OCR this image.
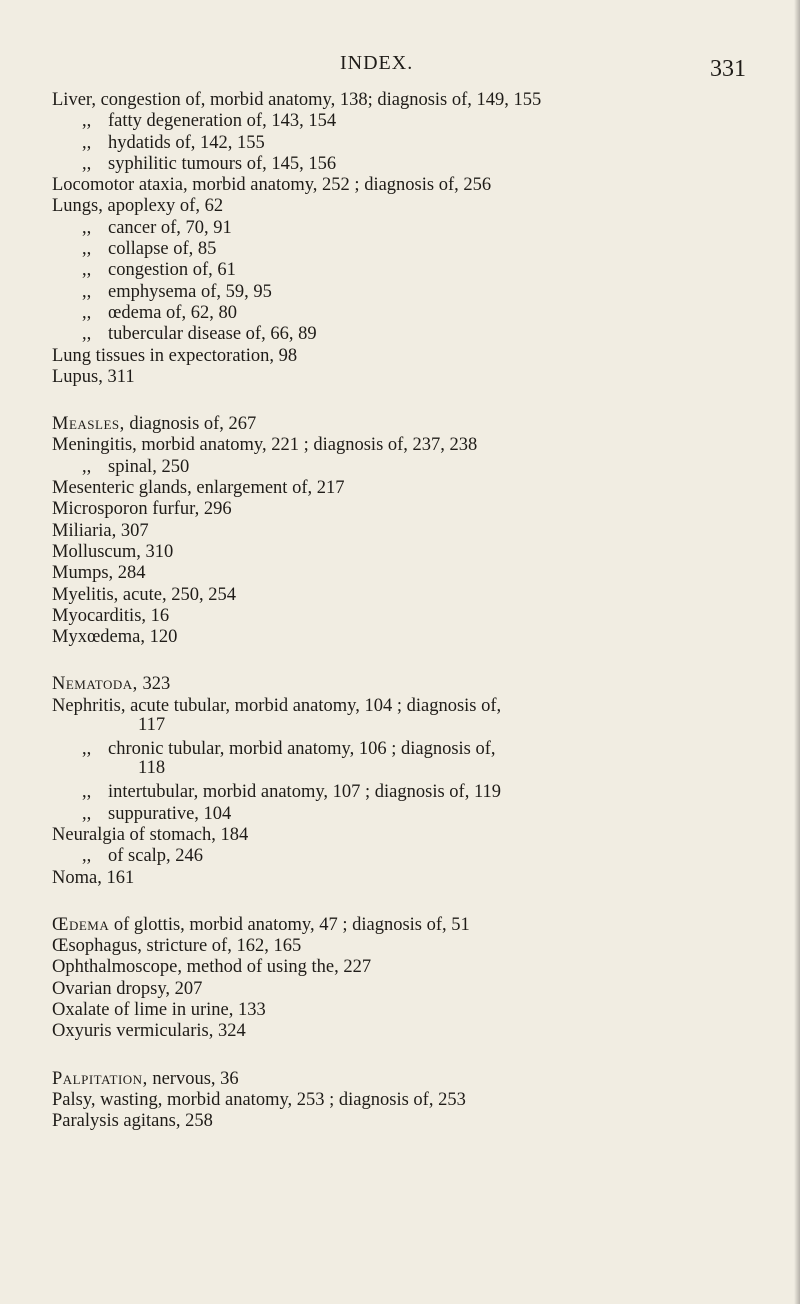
INDEX.	331

Liver, congestion of, morbid anatomy, 138; diagnosis of, 149, 155

,, fatty degeneration of, 143, 154

,, hydatids of, 142, 155

,, syphilitic tumours of, 145, 156

Locomotor ataxia, morbid anatomy, 252 ; diagnosis of, 256

Lungs, apoplexy of, 62

,, cancer of, 70, 91

,, collapse of, 85

,, congestion of, 61

,, emphysema of, 59, 95

,, œdema of, 62, 80

,, tubercular disease of, 66, 89

Lung tissues in expectoration, 98

Lupus, 311

Measles, diagnosis of, 267

Meningitis, morbid anatomy, 221 ; diagnosis of, 237, 238

,, spinal, 250

Mesenteric glands, enlargement of, 217

Microsporon furfur, 296

Miliaria, 307

Molluscum, 310

Mumps, 284

Myelitis, acute, 250, 254

Myocarditis, 16

Myxœdema, 120

Nematoda, 323

Nephritis, acute tubular, morbid anatomy, 104 ; diagnosis of,

117

,, chronic tubular, morbid anatomy, 106 ; diagnosis of,

118

,, intertubular, morbid anatomy, 107 ; diagnosis of, 119

,, suppurative, 104

Neuralgia of stomach, 184

,, of scalp, 246

Noma, 161

Œdema of glottis, morbid anatomy, 47 ; diagnosis of, 51

Œsophagus, stricture of, 162, 165

Ophthalmoscope, method of using the, 227

Ovarian dropsy, 207

Oxalate of lime in urine, 133

Oxyuris vermicularis, 324

Palpitation, nervous, 36

Palsy, wasting, morbid anatomy, 253 ; diagnosis of, 253

Paralysis agitans, 258
